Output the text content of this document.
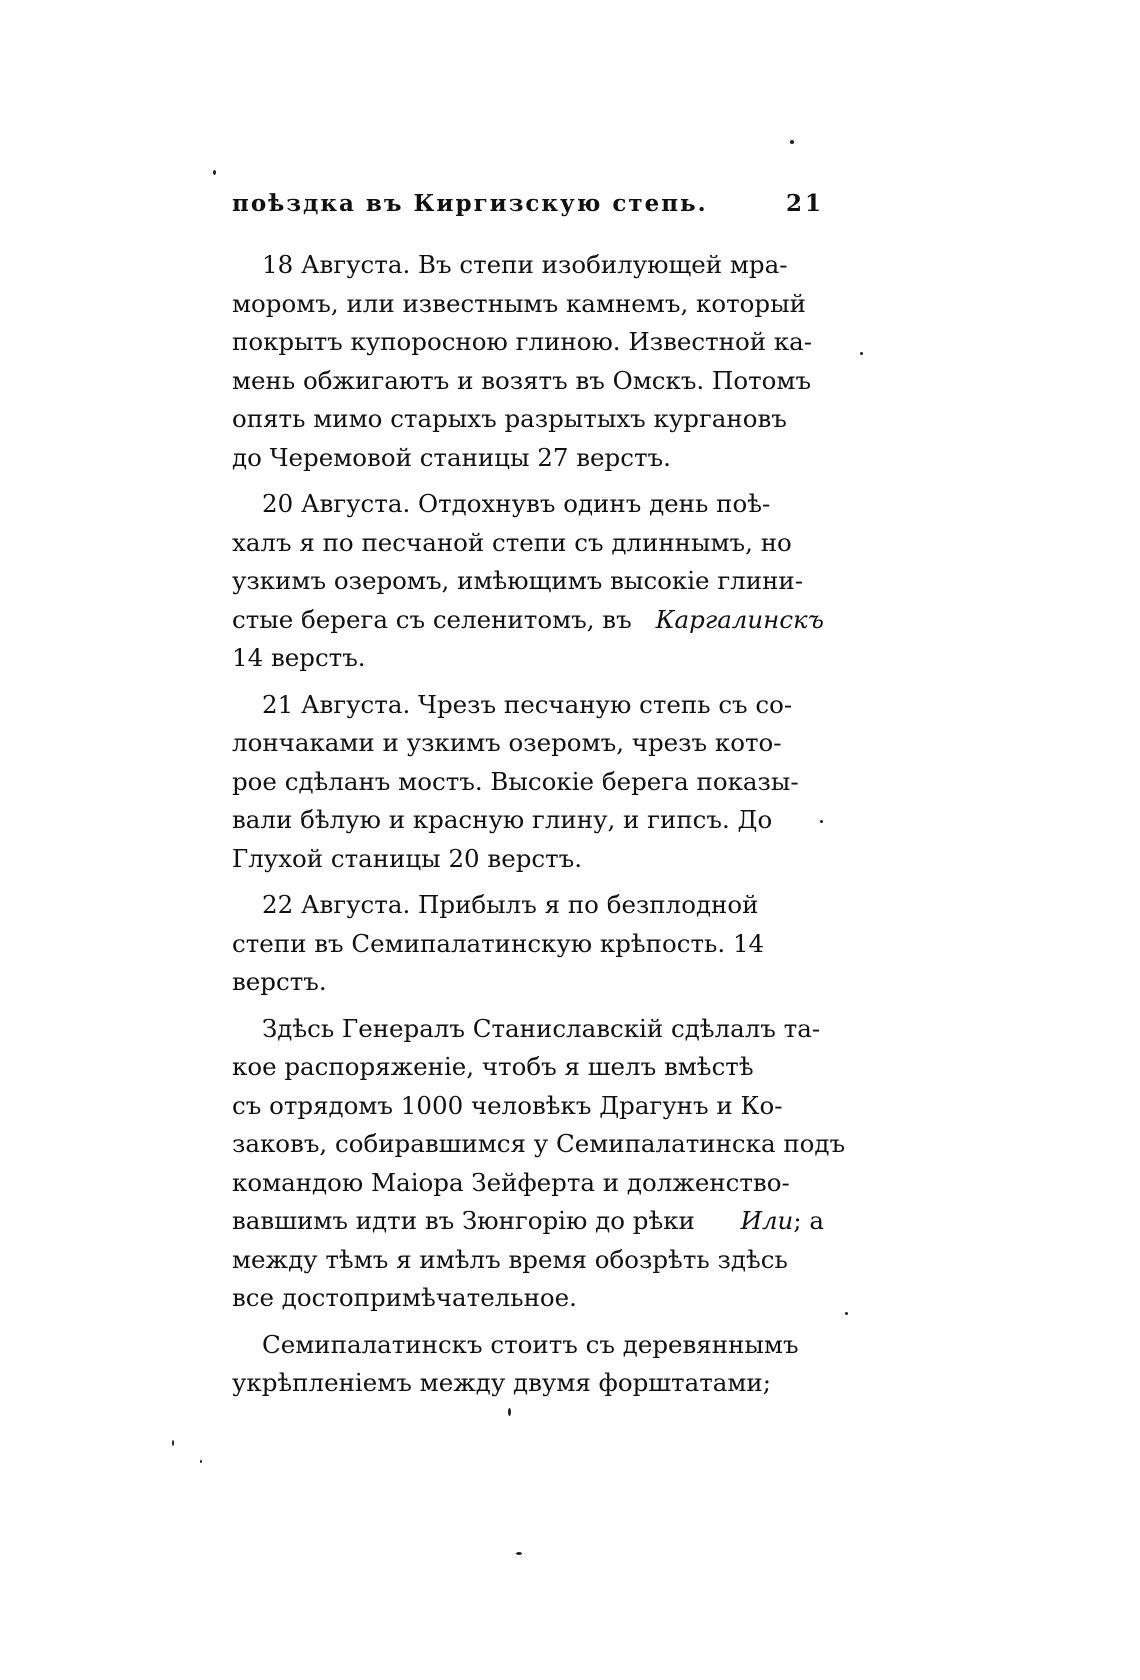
поѣздка въ Киргизскую степь.	21
18 Августа. Въ степи изобилующей мра-
моромъ, или известнымъ камнемъ, который
покрытъ купоросною глиною. Известной ка-
мень обжигаютъ и возятъ въ Омскъ. Потомъ
опять мимо старыхъ разрытыхъ кургановъ
до Черемовой станицы 27 верстъ.
20 Августа. Отдохнувъ одинъ день поѣ-
халъ я по песчаной степи съ длиннымъ, но
узкимъ озеромъ, имѣющимъ высокіе глини-
стые берега съ селенитомъ, въ Каргалинскъ
14 верстъ.
21 Августа. Чрезъ песчаную степь съ со-
лончаками и узкимъ озеромъ, чрезъ кото-
рое сдѣланъ мостъ. Высокіе берега показы-
вали бѣлую и красную глину, и гипсъ. До
Глухой станицы 20 верстъ.
22 Августа. Прибылъ я по безплодной
степи въ Семипалатинскую крѣпость. 14
верстъ.
Здѣсь Генералъ Станиславскій сдѣлалъ та-
кое распоряженіе, чтобъ я шелъ вмѣстѣ
съ отрядомъ 1000 человѣкъ Драгунъ и Ко-
заковъ, собиравшимся у Семипалатинска подъ
командою Маіора Зейферта и долженство-
вавшимъ идти въ Зюнгорію до рѣки Или; а
между тѣмъ я имѣлъ время обозрѣть здѣсь
все достопримѣчательное.
Семипалатинскъ стоитъ съ деревяннымъ
укрѣпленіемъ между двумя форштатами;
